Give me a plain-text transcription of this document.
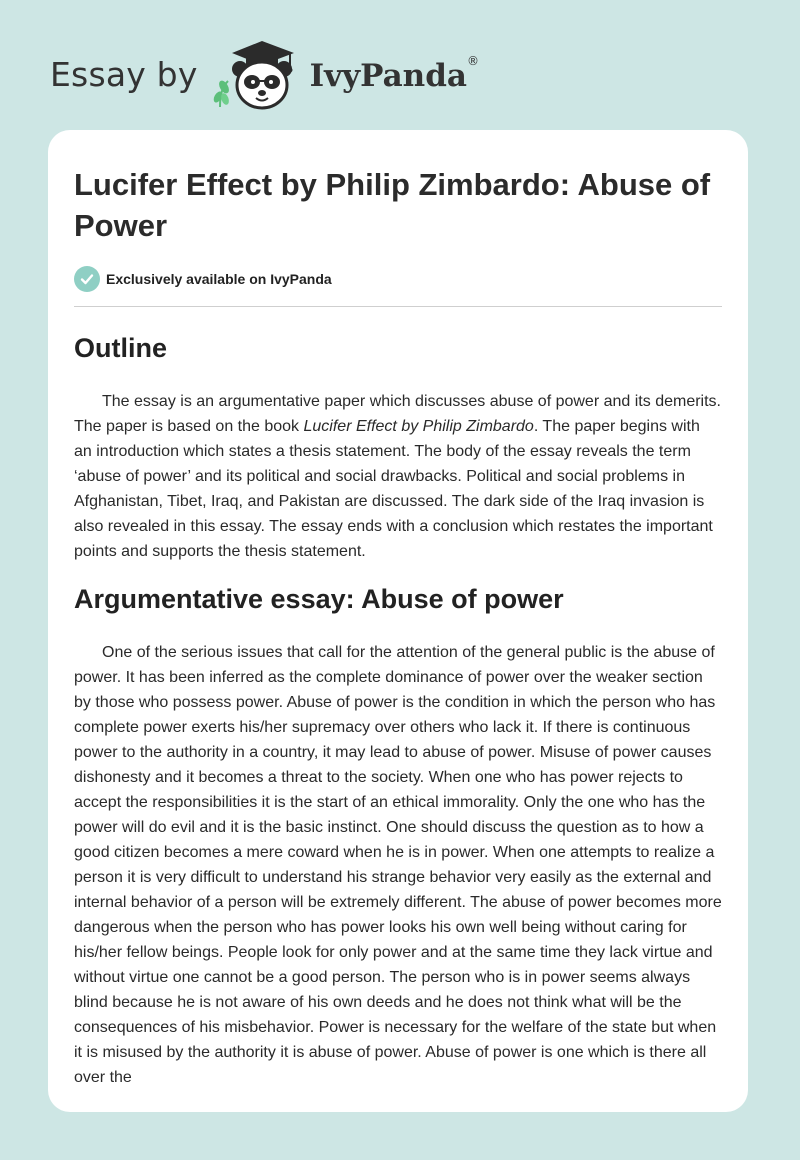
Essay by	IvyPanda®
Lucifer Effect by Philip Zimbardo: Abuse of Power
Exclusively available on IvyPanda
Outline

The essay is an argumentative paper which discusses abuse of power and its demerits. The paper is based on the book Lucifer Effect by Philip Zimbardo. The paper begins with an introduction which states a thesis statement. The body of the essay reveals the term ‘abuse of power’ and its political and social drawbacks. Political and social problems in Afghanistan, Tibet, Iraq, and Pakistan are discussed. The dark side of the Iraq invasion is also revealed in this essay. The essay ends with a conclusion which restates the important points and supports the thesis statement.

Argumentative essay: Abuse of power

One of the serious issues that call for the attention of the general public is the abuse of power. It has been inferred as the complete dominance of power over the weaker section by those who possess power. Abuse of power is the condition in which the person who has complete power exerts his/her supremacy over others who lack it. If there is continuous power to the authority in a country, it may lead to abuse of power. Misuse of power causes dishonesty and it becomes a threat to the society. When one who has power rejects to accept the responsibilities it is the start of an ethical immorality. Only the one who has the power will do evil and it is the basic instinct. One should discuss the question as to how a good citizen becomes a mere coward when he is in power. When one attempts to realize a person it is very difficult to understand his strange behavior very easily as the external and internal behavior of a person will be extremely different. The abuse of power becomes more dangerous when the person who has power looks his own well being without caring for his/her fellow beings. People look for only power and at the same time they lack virtue and without virtue one cannot be a good person. The person who is in power seems always blind because he is not aware of his own deeds and he does not think what will be the consequences of his misbehavior. Power is necessary for the welfare of the state but when it is misused by the authority it is abuse of power. Abuse of power is one which is there all over the
